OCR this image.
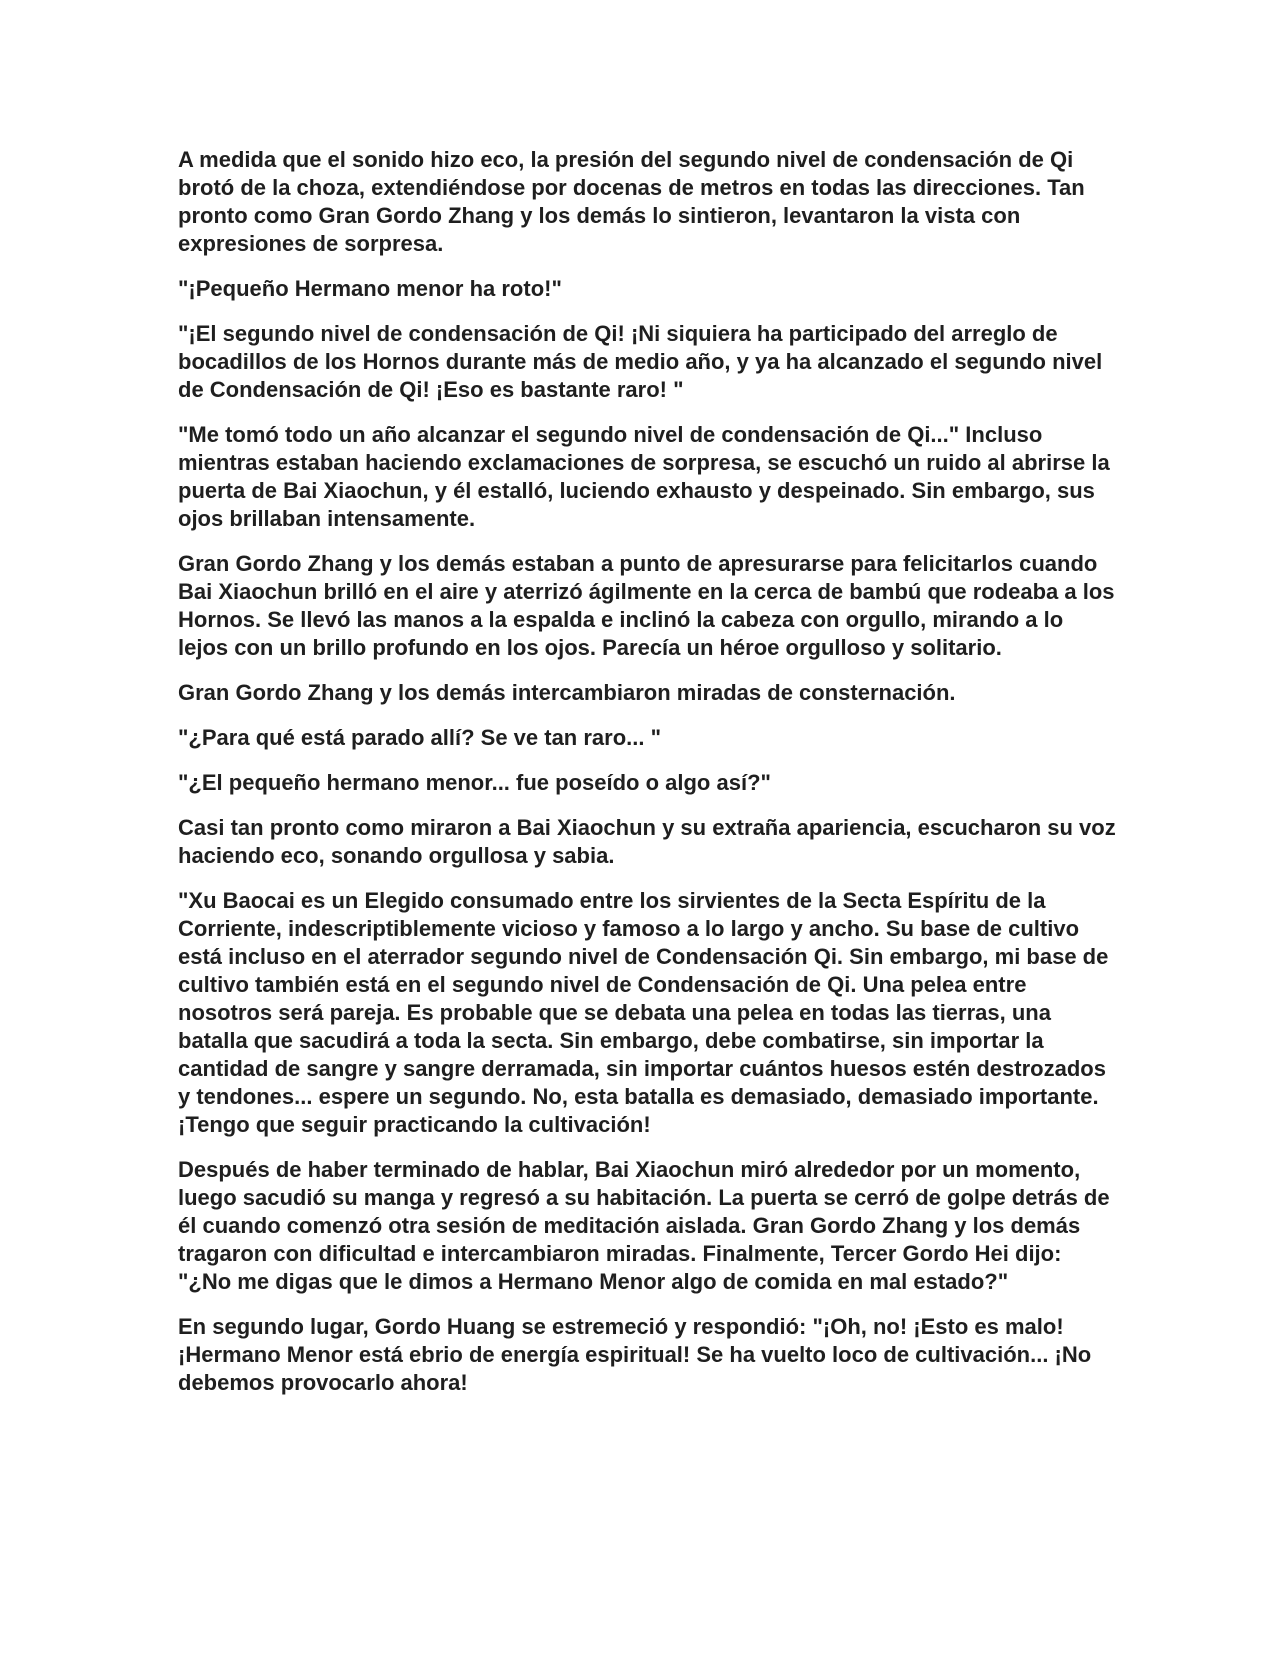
A medida que el sonido hizo eco, la presión del segundo nivel de condensación de Qi brotó de la choza, extendiéndose por docenas de metros en todas las direcciones. Tan pronto como Gran Gordo Zhang y los demás lo sintieron, levantaron la vista con expresiones de sorpresa.

"¡Pequeño Hermano menor ha roto!"

"¡El segundo nivel de condensación de Qi! ¡Ni siquiera ha participado del arreglo de bocadillos de los Hornos durante más de medio año, y ya ha alcanzado el segundo nivel de Condensación de Qi! ¡Eso es bastante raro! "

"Me tomó todo un año alcanzar el segundo nivel de condensación de Qi..." Incluso mientras estaban haciendo exclamaciones de sorpresa, se escuchó un ruido al abrirse la puerta de Bai Xiaochun, y él estalló, luciendo exhausto y despeinado. Sin embargo, sus ojos brillaban intensamente.

Gran Gordo Zhang y los demás estaban a punto de apresurarse para felicitarlos cuando Bai Xiaochun brilló en el aire y aterrizó ágilmente en la cerca de bambú que rodeaba a los Hornos. Se llevó las manos a la espalda e inclinó la cabeza con orgullo, mirando a lo lejos con un brillo profundo en los ojos. Parecía un héroe orgulloso y solitario.

Gran Gordo Zhang y los demás intercambiaron miradas de consternación.

"¿Para qué está parado allí? Se ve tan raro... "

"¿El pequeño hermano menor... fue poseído o algo así?"

Casi tan pronto como miraron a Bai Xiaochun y su extraña apariencia, escucharon su voz haciendo eco, sonando orgullosa y sabia.

"Xu Baocai es un Elegido consumado entre los sirvientes de la Secta Espíritu de la Corriente, indescriptiblemente vicioso y famoso a lo largo y ancho. Su base de cultivo está incluso en el aterrador segundo nivel de Condensación Qi. Sin embargo, mi base de cultivo también está en el segundo nivel de Condensación de Qi. Una pelea entre nosotros será pareja. Es probable que se debata una pelea en todas las tierras, una batalla que sacudirá a toda la secta. Sin embargo, debe combatirse, sin importar la cantidad de sangre y sangre derramada, sin importar cuántos huesos estén destrozados y tendones... espere un segundo. No, esta batalla es demasiado, demasiado importante. ¡Tengo que seguir practicando la cultivación!

Después de haber terminado de hablar, Bai Xiaochun miró alrededor por un momento, luego sacudió su manga y regresó a su habitación. La puerta se cerró de golpe detrás de él cuando comenzó otra sesión de meditación aislada. Gran Gordo Zhang y los demás tragaron con dificultad e intercambiaron miradas. Finalmente, Tercer Gordo Hei dijo: "¿No me digas que le dimos a Hermano Menor algo de comida en mal estado?"

En segundo lugar, Gordo Huang se estremeció y respondió: "¡Oh, no! ¡Esto es malo! ¡Hermano Menor está ebrio de energía espiritual! Se ha vuelto loco de cultivación... ¡No debemos provocarlo ahora!
